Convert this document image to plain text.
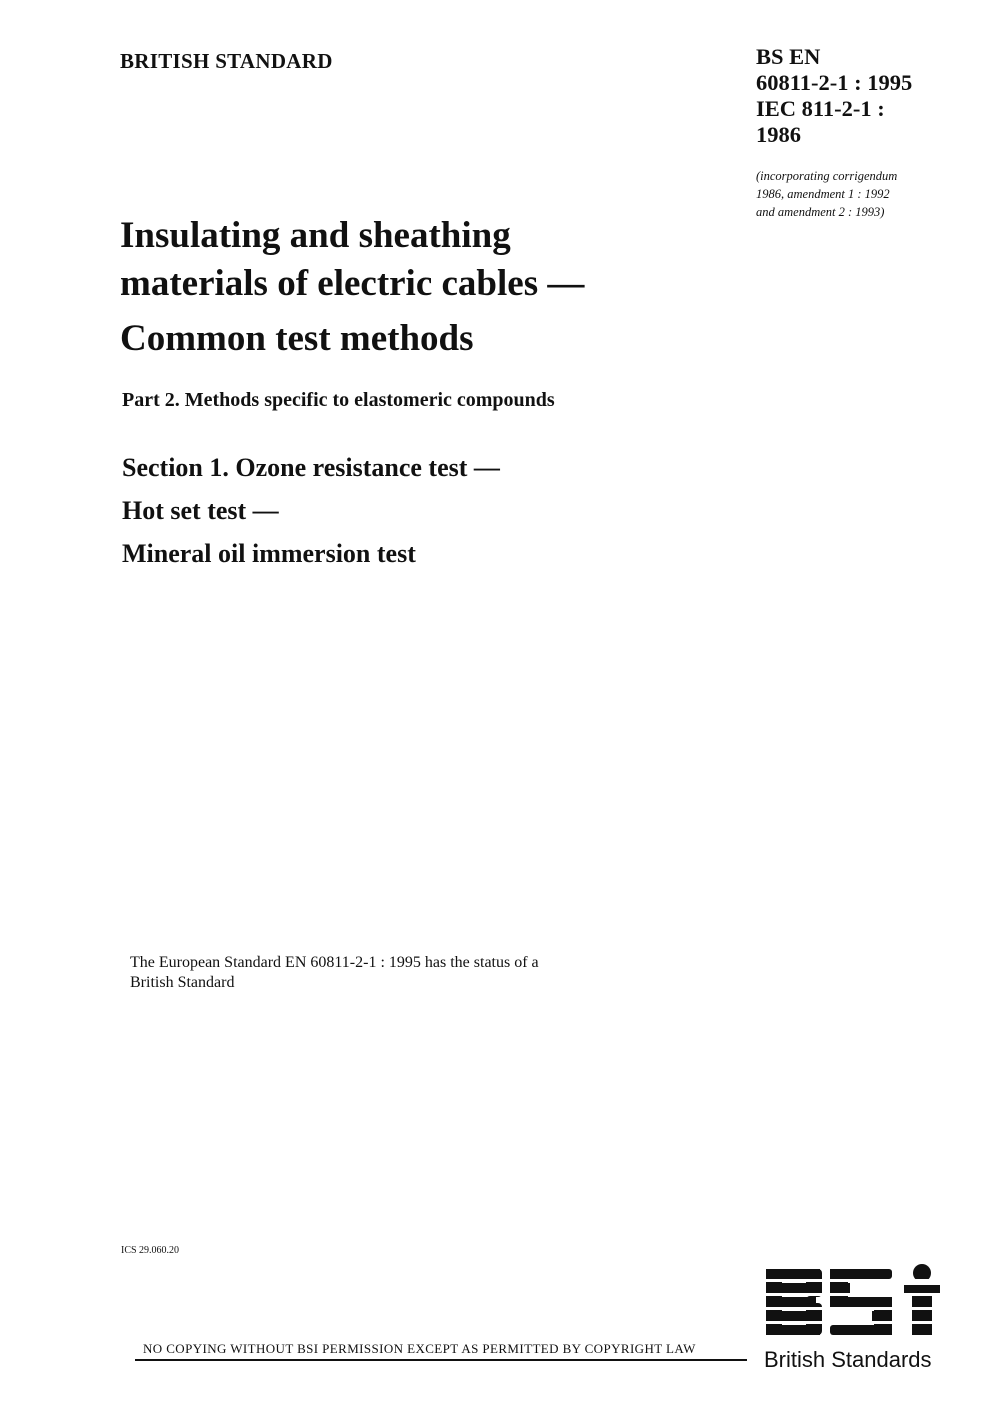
BRITISH STANDARD	BS EN
60811-2-1 : 1995
IEC 811-2-1 :
1986
(incorporating corrigendum
1986, amendment 1 : 1992
and amendment 2 : 1993)
Insulating and sheathing
materials of electric cables —
Common test methods
Part 2. Methods specific to elastomeric compounds
Section 1. Ozone resistance test —
Hot set test —
Mineral oil immersion test
The European Standard EN 60811-2-1 : 1995 has the status of a
British Standard
ICS 29.060.20
NO COPYING WITHOUT BSI PERMISSION EXCEPT AS PERMITTED BY COPYRIGHT LAW	British Standards
